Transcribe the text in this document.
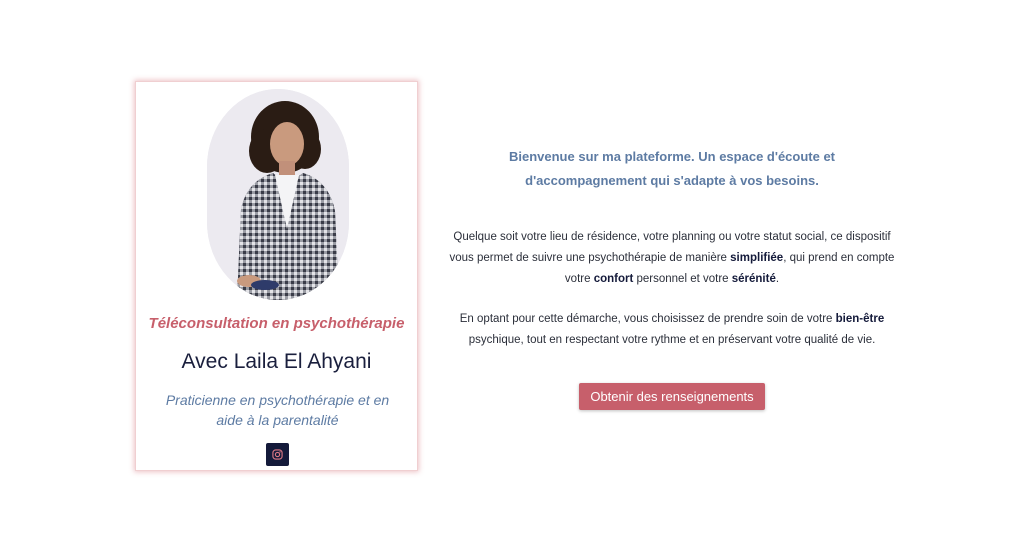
Téléconsultation en psychothérapie
Avec Laila El Ahyani
Praticienne en psychothérapie et en aide à la parentalité
Bienvenue sur ma plateforme. Un espace d'écoute et
d'accompagnement qui s'adapte à vos besoins.
Quelque soit votre lieu de résidence, votre planning ou votre statut social, ce dispositif vous permet de suivre une psychothérapie de manière simplifiée, qui prend en compte votre confort personnel et votre sérénité.
En optant pour cette démarche, vous choisissez de prendre soin de votre bien-être psychique, tout en respectant votre rythme et en préservant votre qualité de vie.
Obtenir des renseignements
